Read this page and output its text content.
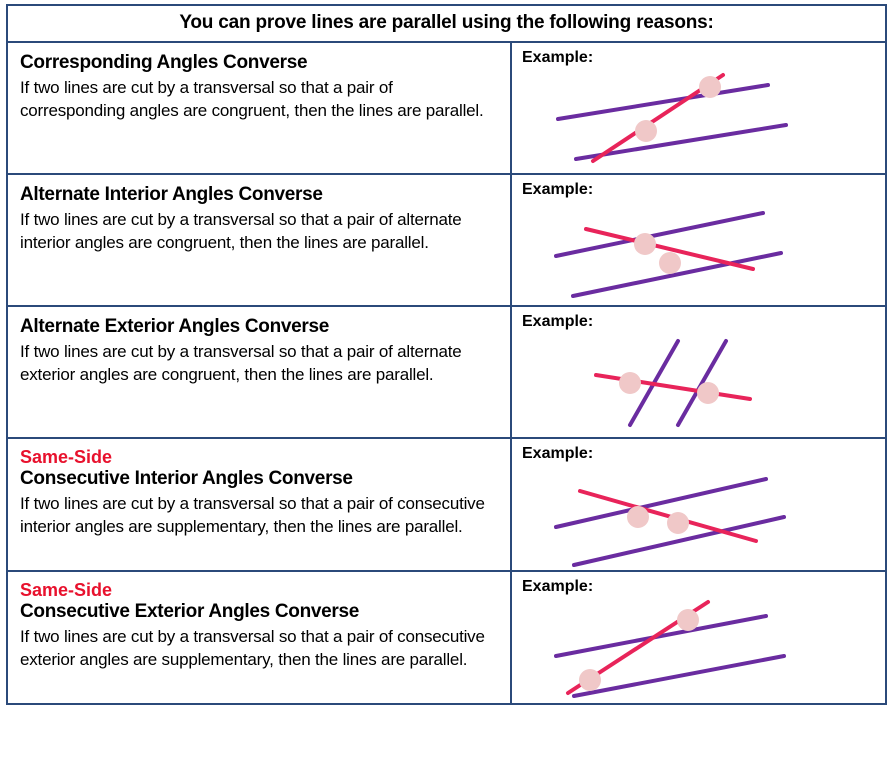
You can prove lines are parallel using the following reasons:
Corresponding Angles Converse
If two lines are cut by a transversal so that a pair of corresponding angles are congruent, then the lines are parallel.
Example:
Alternate Interior Angles Converse
If two lines are cut by a transversal so that a pair of alternate interior angles are congruent, then the lines are parallel.
Example:
Alternate Exterior Angles Converse
If two lines are cut by a transversal so that a pair of alternate exterior angles are congruent, then the lines are parallel.
Example:
Same-Side
Consecutive Interior Angles Converse
If two lines are cut by a transversal so that a pair of consecutive interior angles are supplementary, then the lines are parallel.
Example:
Same-Side
Consecutive Exterior Angles Converse
If two lines are cut by a transversal so that a pair of consecutive exterior angles are supplementary, then the lines are parallel.
Example:
